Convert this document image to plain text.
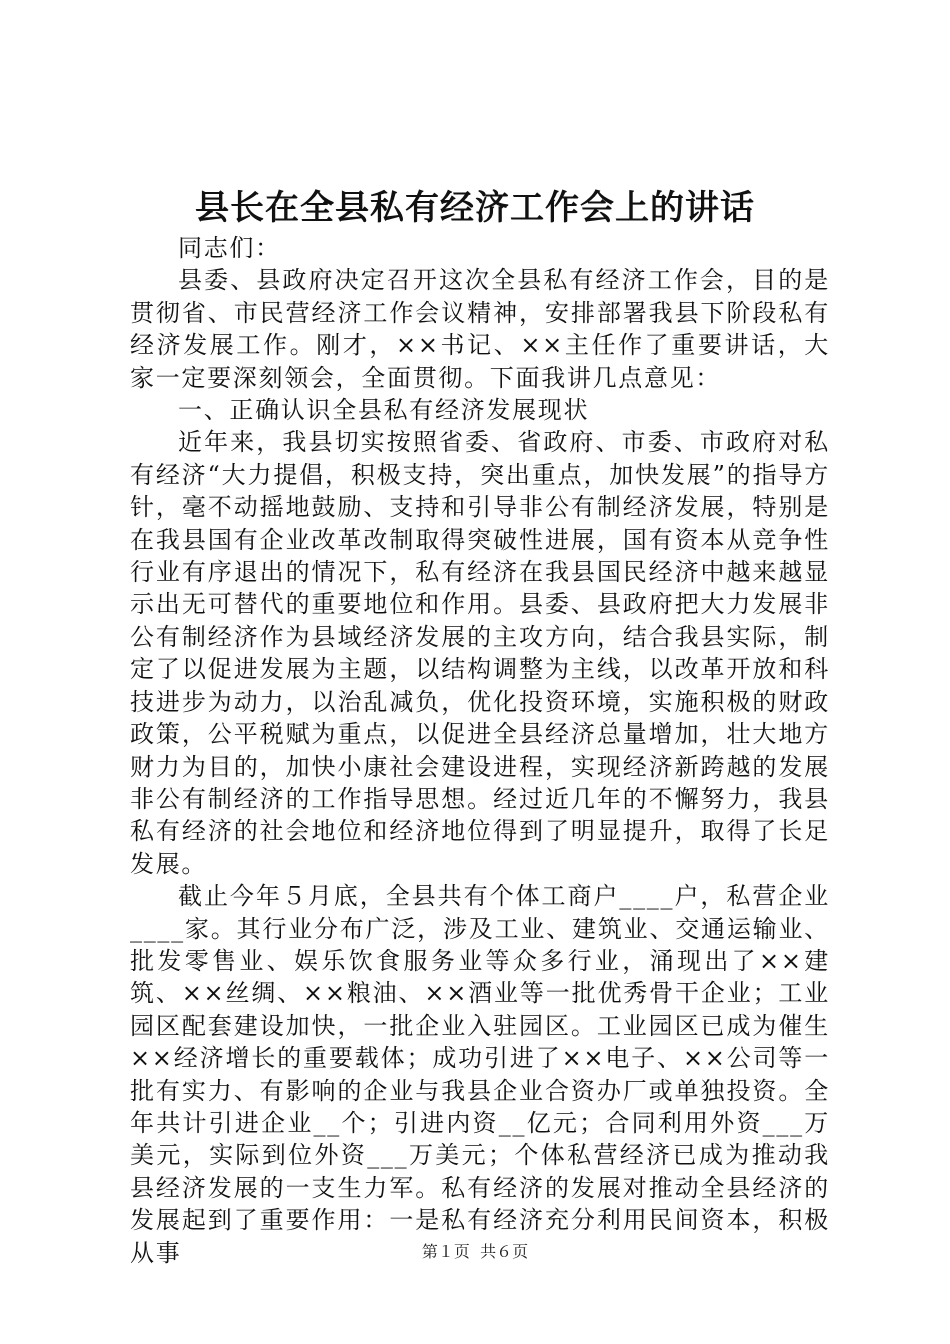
县长在全县私有经济工作会上的讲话

同志们：

县委、县政府决定召开这次全县私有经济工作会，目的是贯彻省、市民营经济工作会议精神，安排部署我县下阶段私有经济发展工作。刚才，××书记、××主任作了重要讲话，大家一定要深刻领会，全面贯彻。下面我讲几点意见：

一、正确认识全县私有经济发展现状

近年来，我县切实按照省委、省政府、市委、市政府对私有经济“大力提倡，积极支持，突出重点，加快发展”的指导方针，毫不动摇地鼓励、支持和引导非公有制经济发展，特别是在我县国有企业改革改制取得突破性进展，国有资本从竞争性行业有序退出的情况下，私有经济在我县国民经济中越来越显示出无可替代的重要地位和作用。县委、县政府把大力发展非公有制经济作为县域经济发展的主攻方向，结合我县实际，制定了以促进发展为主题，以结构调整为主线，以改革开放和科技进步为动力，以治乱减负，优化投资环境，实施积极的财政政策，公平税赋为重点，以促进全县经济总量增加，壮大地方财力为目的，加快小康社会建设进程，实现经济新跨越的发展非公有制经济的工作指导思想。经过近几年的不懈努力，我县私有经济的社会地位和经济地位得到了明显提升，取得了长足发展。

截止今年５月底，全县共有个体工商户____户，私营企业____家。其行业分布广泛，涉及工业、建筑业、交通运输业、批发零售业、娱乐饮食服务业等众多行业，涌现出了××建筑、××丝绸、××粮油、××酒业等一批优秀骨干企业；工业园区配套建设加快，一批企业入驻园区。工业园区已成为催生××经济增长的重要载体；成功引进了××电子、××公司等一批有实力、有影响的企业与我县企业合资办厂或单独投资。全年共计引进企业__个；引进内资__亿元；合同利用外资___万美元，实际到位外资___万美元；个体私营经济已成为推动我县经济发展的一支生力军。私有经济的发展对推动全县经济的发展起到了重要作用：一是私有经济充分利用民间资本，积极从事	第１页 共６页
